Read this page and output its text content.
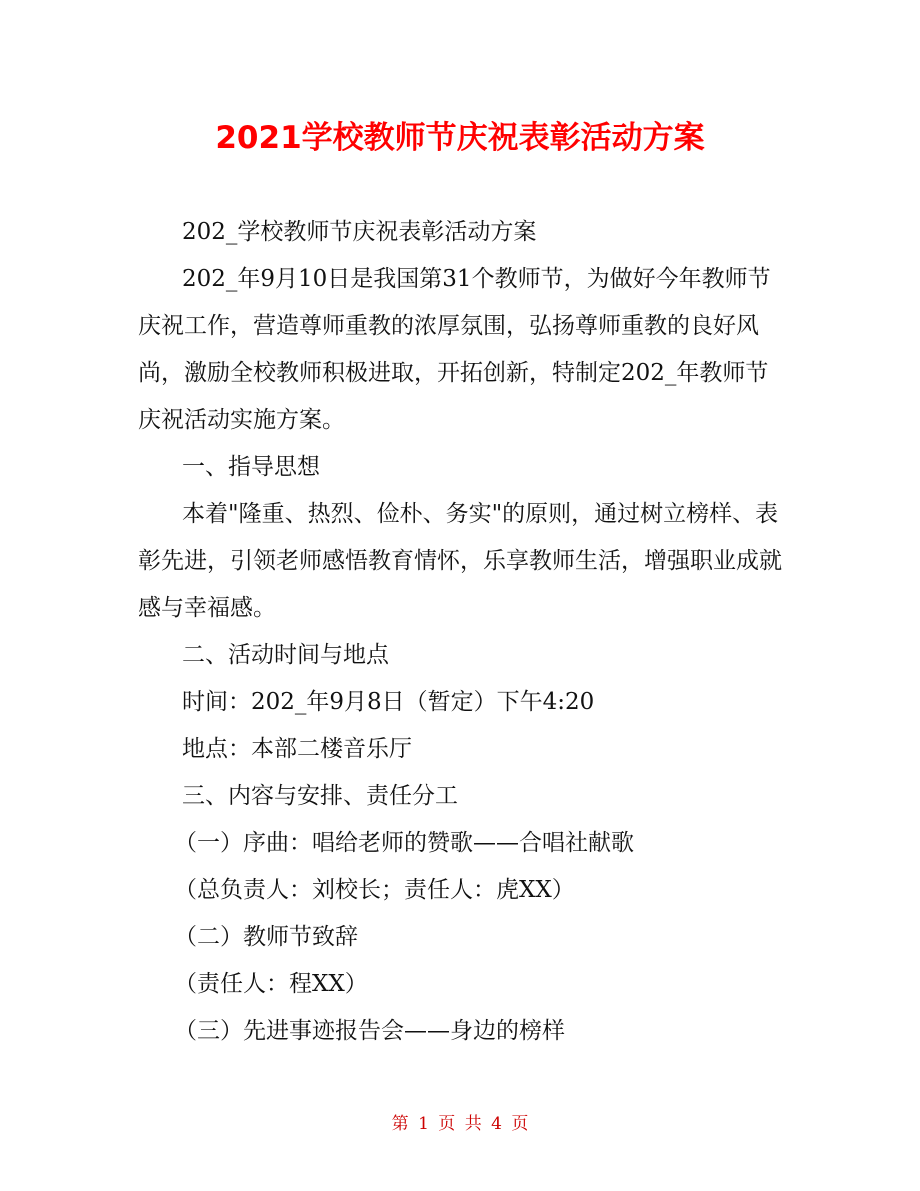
2021学校教师节庆祝表彰活动方案

202_学校教师节庆祝表彰活动方案

202_年9月10日是我国第31个教师节，为做好今年教师节庆祝工作，营造尊师重教的浓厚氛围，弘扬尊师重教的良好风尚，激励全校教师积极进取，开拓创新，特制定202_年教师节庆祝活动实施方案。

一、指导思想

本着"隆重、热烈、俭朴、务实"的原则，通过树立榜样、表彰先进，引领老师感悟教育情怀，乐享教师生活，增强职业成就感与幸福感。

二、活动时间与地点

时间：202_年9月8日（暂定）下午4:20

地点：本部二楼音乐厅

三、内容与安排、责任分工

（一）序曲：唱给老师的赞歌——合唱社献歌

（总负责人：刘校长；责任人：虎XX）

（二）教师节致辞

（责任人：程XX）

（三）先进事迹报告会——身边的榜样

第 1 页 共 4 页
